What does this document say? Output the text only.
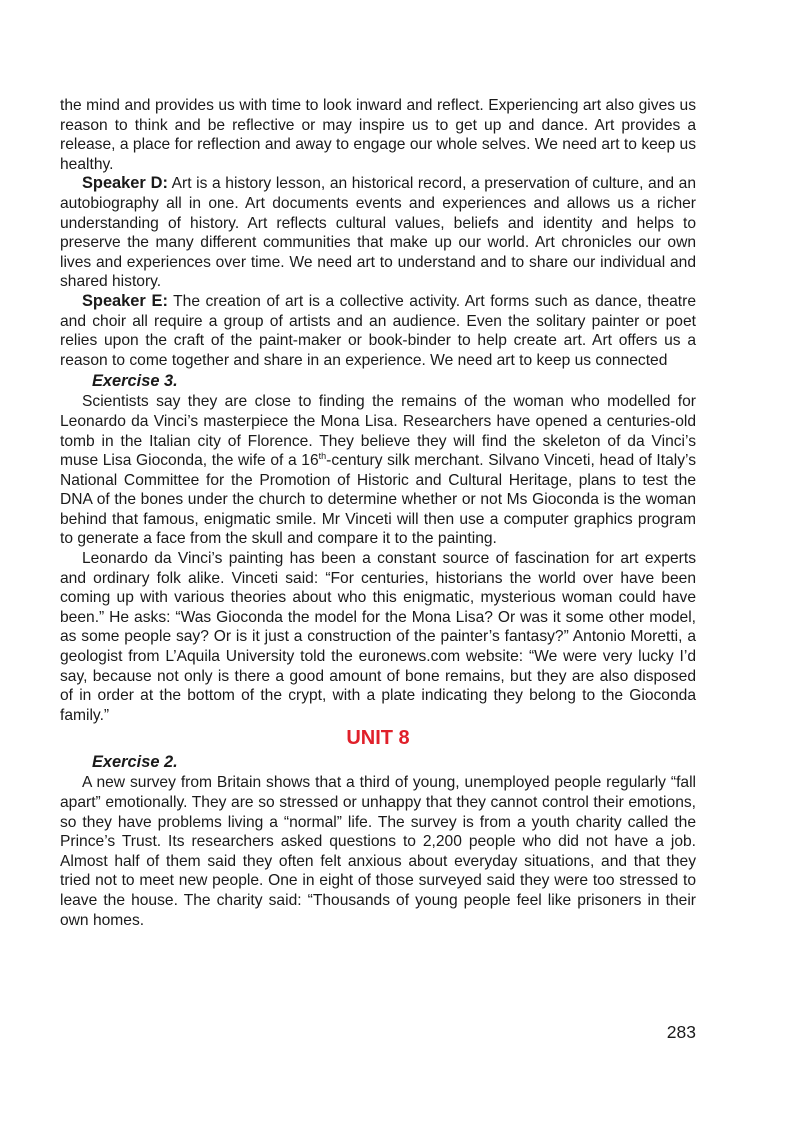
the mind and provides us with time to look inward and reflect. Experiencing art also gives us reason to think and be reflective or may inspire us to get up and dance. Art provides a release, a place for reflection and away to engage our whole selves. We need art to keep us healthy.

Speaker D: Art is a history lesson, an historical record, a preservation of culture, and an autobiography all in one. Art documents events and experiences and allows us a richer understanding of history. Art reflects cultural values, beliefs and identity and helps to preserve the many different communities that make up our world. Art chronicles our own lives and experiences over time. We need art to understand and to share our individual and shared history.

Speaker E: The creation of art is a collective activity. Art forms such as dance, theatre and choir all require a group of artists and an audience. Even the solitary painter or poet relies upon the craft of the paint-maker or book-binder to help create art. Art offers us a reason to come together and share in an experience. We need art to keep us connected

Exercise 3.

Scientists say they are close to finding the remains of the woman who modelled for Leonardo da Vinci’s masterpiece the Mona Lisa. Researchers have opened a centuries-old tomb in the Italian city of Florence. They believe they will find the skeleton of da Vinci’s muse Lisa Gioconda, the wife of a 16th-century silk merchant. Silvano Vinceti, head of Italy’s National Committee for the Promotion of Historic and Cultural Heritage, plans to test the DNA of the bones under the church to determine whether or not Ms Gioconda is the woman behind that famous, enigmatic smile. Mr Vinceti will then use a computer graphics program to generate a face from the skull and compare it to the painting.

Leonardo da Vinci’s painting has been a constant source of fascination for art experts and ordinary folk alike. Vinceti said: “For centuries, historians the world over have been coming up with various theories about who this enigmatic, mysterious woman could have been.” He asks: “Was Gioconda the model for the Mona Lisa? Or was it some other model, as some people say? Or is it just a construction of the painter’s fantasy?” Antonio Moretti, a geologist from L’Aquila University told the euronews.com website: “We were very lucky I’d say, because not only is there a good amount of bone remains, but they are also disposed of in order at the bottom of the crypt, with a plate indicating they belong to the Gioconda family.”

UNIT 8

Exercise 2.

A new survey from Britain shows that a third of young, unemployed people regularly “fall apart” emotionally. They are so stressed or unhappy that they cannot control their emotions, so they have problems living a “normal” life. The survey is from a youth charity called the Prince’s Trust. Its researchers asked questions to 2,200 people who did not have a job. Almost half of them said they often felt anxious about everyday situations, and that they tried not to meet new people. One in eight of those surveyed said they were too stressed to leave the house. The charity said: “Thousands of young people feel like prisoners in their own homes.

283
